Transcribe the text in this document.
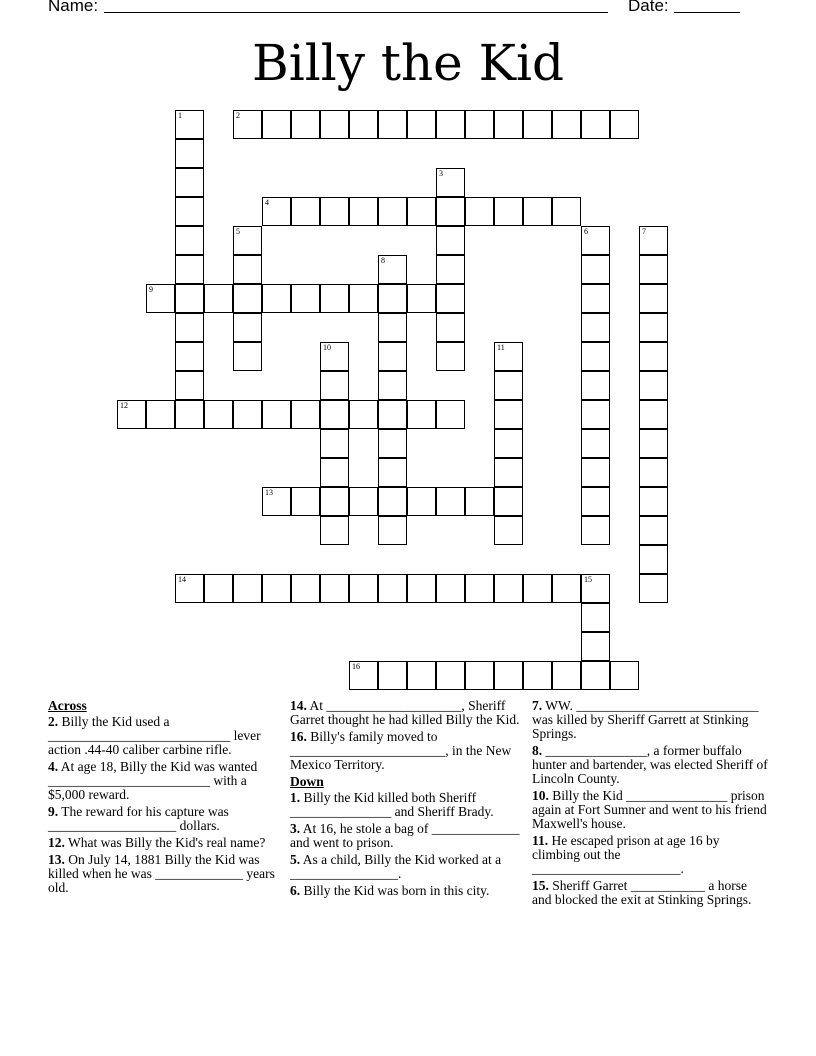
Name:	Date:
Billy the Kid
1	2
3
4
5	6	7
8
9
10	11
12
13
14	15
16
Across
2. Billy the Kid used a ___________________________ lever action .44-40 caliber carbine rifle.
4. At age 18, Billy the Kid was wanted ________________________ with a $5,000 reward.
9. The reward for his capture was ___________________ dollars.
12. What was Billy the Kid's real name?
13. On July 14, 1881 Billy the Kid was killed when he was _____________ years old.
14. At ____________________, Sheriff Garret thought he had killed Billy the Kid.
16. Billy's family moved to _______________________, in the New Mexico Territory.
Down
1. Billy the Kid killed both Sheriff _______________ and Sheriff Brady.
3. At 16, he stole a bag of _____________ and went to prison.
5. As a child, Billy the Kid worked at a ________________.
6. Billy the Kid was born in this city.
7. WW. ___________________________ was killed by Sheriff Garrett at Stinking Springs.
8. _______________, a former buffalo hunter and bartender, was elected Sheriff of Lincoln County.
10. Billy the Kid _______________ prison again at Fort Sumner and went to his friend Maxwell's house.
11. He escaped prison at age 16 by climbing out the ______________________.
15. Sheriff Garret ___________ a horse and blocked the exit at Stinking Springs.
